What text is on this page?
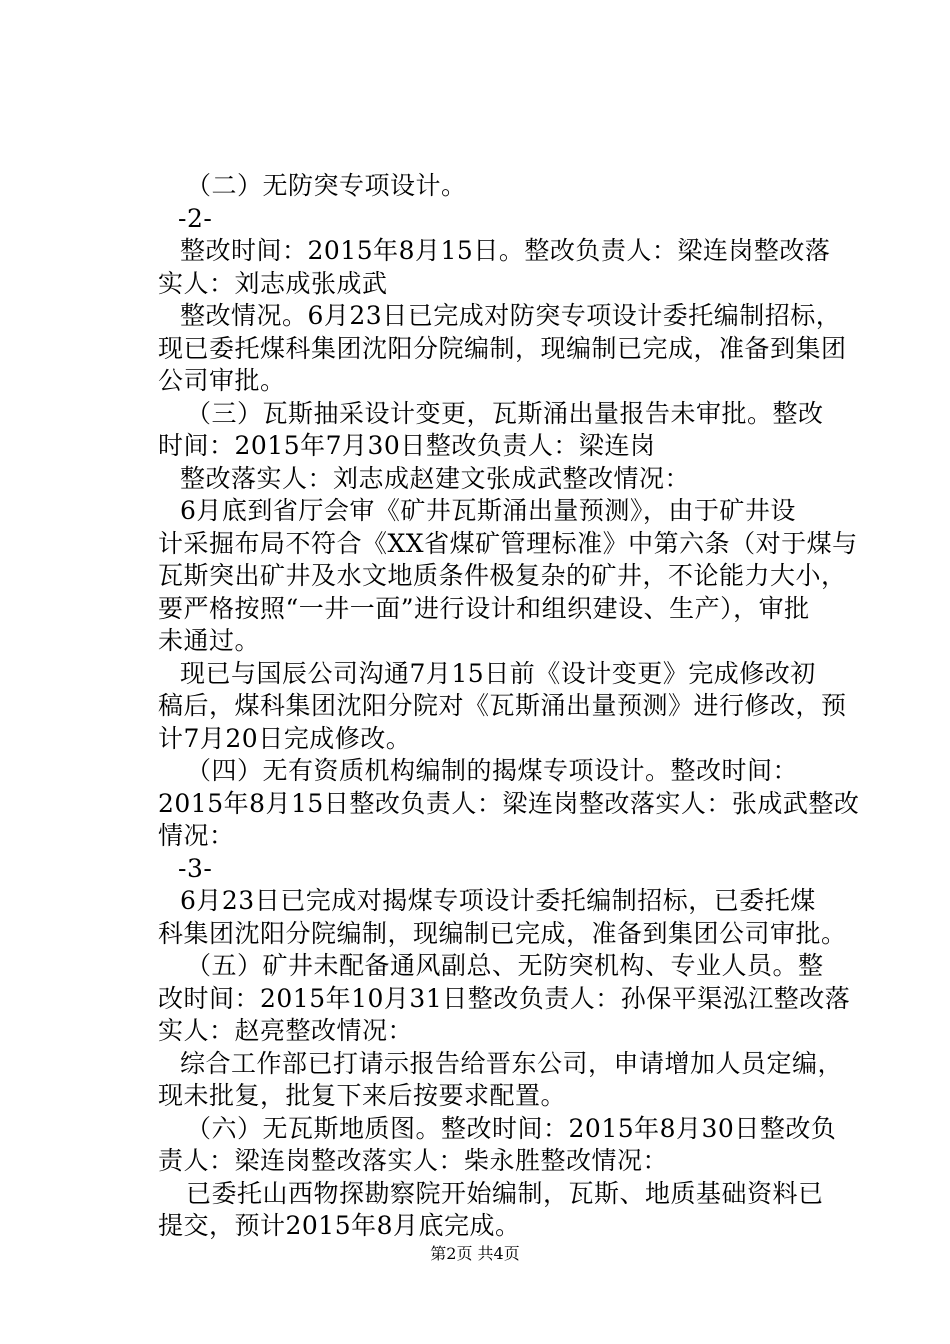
（二）无防突专项设计。
-2-
整改时间：2015年8月15日。整改负责人：梁连岗整改落
实人：刘志成张成武
整改情况。6月23日已完成对防突专项设计委托编制招标，
现已委托煤科集团沈阳分院编制，现编制已完成，准备到集团
公司审批。
（三）瓦斯抽采设计变更，瓦斯涌出量报告未审批。整改
时间：2015年7月30日整改负责人：梁连岗
整改落实人：刘志成赵建文张成武整改情况：
6月底到省厅会审《矿井瓦斯涌出量预测》，由于矿井设
计采掘布局不符合《XX省煤矿管理标准》中第六条（对于煤与
瓦斯突出矿井及水文地质条件极复杂的矿井，不论能力大小，
要严格按照“一井一面”进行设计和组织建设、生产），审批
未通过。
现已与国辰公司沟通7月15日前《设计变更》完成修改初
稿后，煤科集团沈阳分院对《瓦斯涌出量预测》进行修改，预
计7月20日完成修改。
（四）无有资质机构编制的揭煤专项设计。整改时间：
2015年8月15日整改负责人：梁连岗整改落实人：张成武整改
情况：
-3-
6月23日已完成对揭煤专项设计委托编制招标，已委托煤
科集团沈阳分院编制，现编制已完成，准备到集团公司审批。
（五）矿井未配备通风副总、无防突机构、专业人员。整
改时间：2015年10月31日整改负责人：孙保平渠泓江整改落
实人：赵亮整改情况：
综合工作部已打请示报告给晋东公司，申请增加人员定编，
现未批复，批复下来后按要求配置。
（六）无瓦斯地质图。整改时间：2015年8月30日整改负
责人：梁连岗整改落实人：柴永胜整改情况：
已委托山西物探勘察院开始编制，瓦斯、地质基础资料已
提交，预计2015年8月底完成。
第2页 共4页
